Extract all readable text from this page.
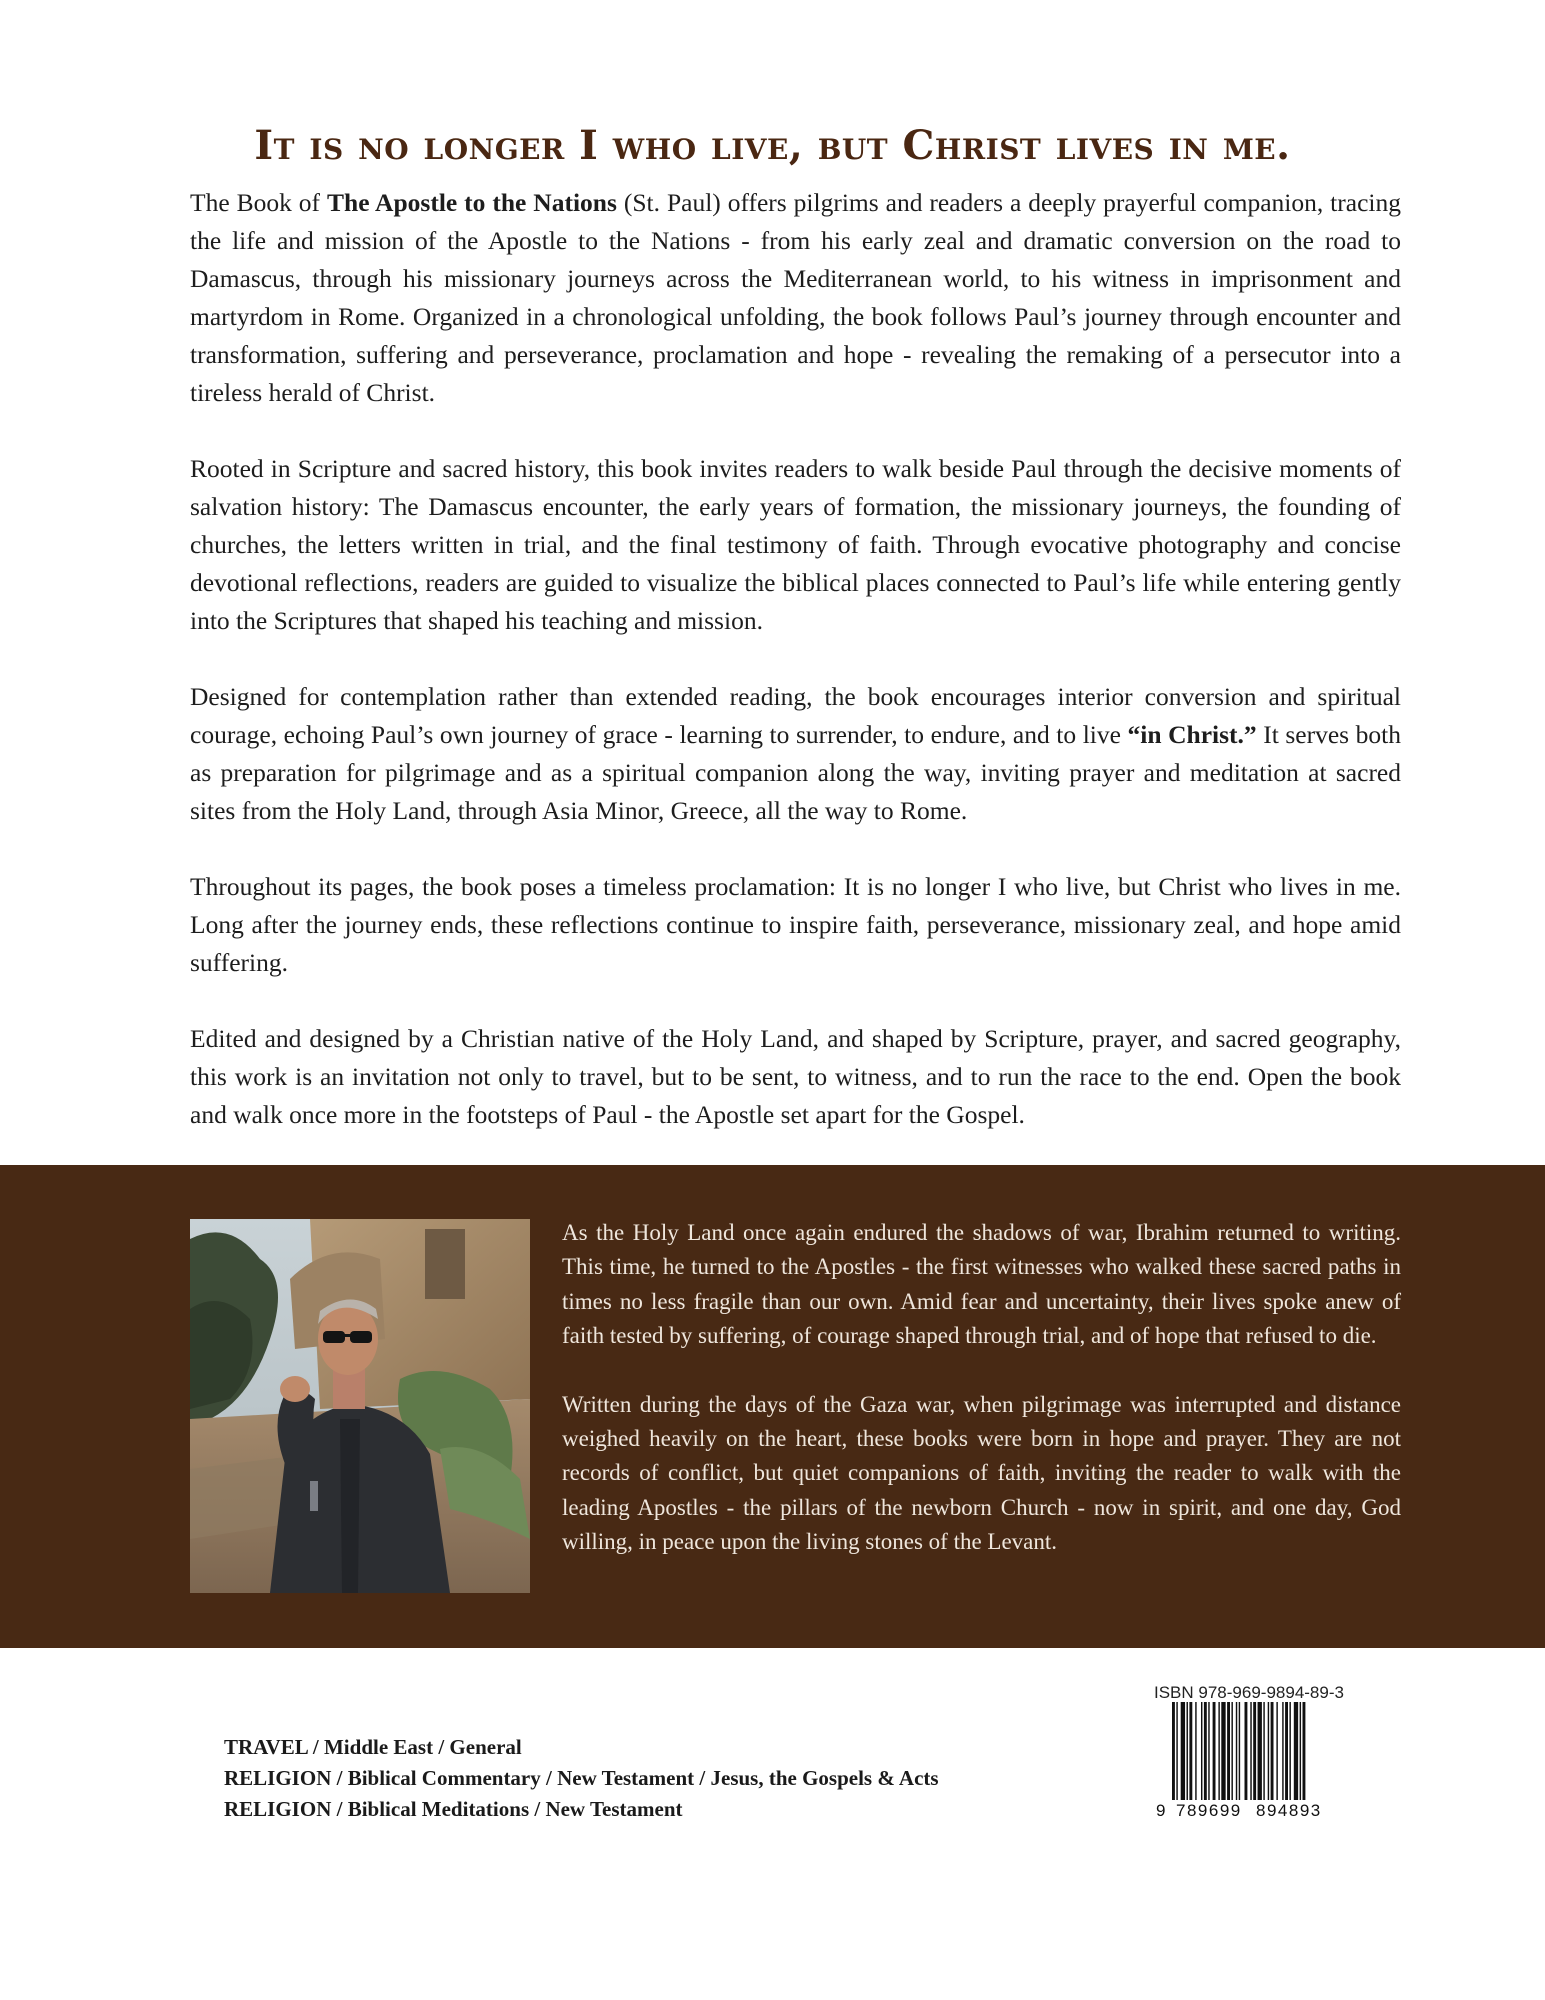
It is no longer I who live, but Christ lives in me.

The Book of The Apostle to the Nations (St. Paul) offers pilgrims and readers a deeply prayerful companion, tracing the life and mission of the Apostle to the Nations - from his early zeal and dramatic conversion on the road to Damascus, through his missionary journeys across the Mediterranean world, to his witness in imprisonment and martyrdom in Rome. Organized in a chronological unfolding, the book follows Paul’s journey through encounter and transformation, suffering and perseverance, proclamation and hope - revealing the remaking of a persecutor into a tireless herald of Christ.

Rooted in Scripture and sacred history, this book invites readers to walk beside Paul through the decisive moments of salvation history: The Damascus encounter, the early years of formation, the missionary journeys, the founding of churches, the letters written in trial, and the final testimony of faith. Through evocative photography and concise devotional reflections, readers are guided to visualize the biblical places connected to Paul’s life while entering gently into the Scriptures that shaped his teaching and mission.

Designed for contemplation rather than extended reading, the book encourages interior conversion and spiritual courage, echoing Paul’s own journey of grace - learning to surrender, to endure, and to live “in Christ.” It serves both as preparation for pilgrimage and as a spiritual companion along the way, inviting prayer and meditation at sacred sites from the Holy Land, through Asia Minor, Greece, all the way to Rome.

Throughout its pages, the book poses a timeless proclamation: It is no longer I who live, but Christ who lives in me. Long after the journey ends, these reflections continue to inspire faith, perseverance, missionary zeal, and hope amid suffering.

Edited and designed by a Christian native of the Holy Land, and shaped by Scripture, prayer, and sacred geography, this work is an invitation not only to travel, but to be sent, to witness, and to run the race to the end. Open the book and walk once more in the footsteps of Paul - the Apostle set apart for the Gospel.

As the Holy Land once again endured the shadows of war, Ibrahim returned to writing. This time, he turned to the Apostles - the first witnesses who walked these sacred paths in times no less fragile than our own. Amid fear and uncertainty, their lives spoke anew of faith tested by suffering, of courage shaped through trial, and of hope that refused to die.

Written during the days of the Gaza war, when pilgrimage was interrupted and distance weighed heavily on the heart, these books were born in hope and prayer. They are not records of conflict, but quiet companions of faith, inviting the reader to walk with the leading Apostles - the pillars of the newborn Church - now in spirit, and one day, God willing, in peace upon the living stones of the Levant.

TRAVEL / Middle East / General
RELIGION / Biblical Commentary / New Testament / Jesus, the Gospels & Acts
RELIGION / Biblical Meditations / New Testament
ISBN 978-969-9894-89-3
9 789699 894893
